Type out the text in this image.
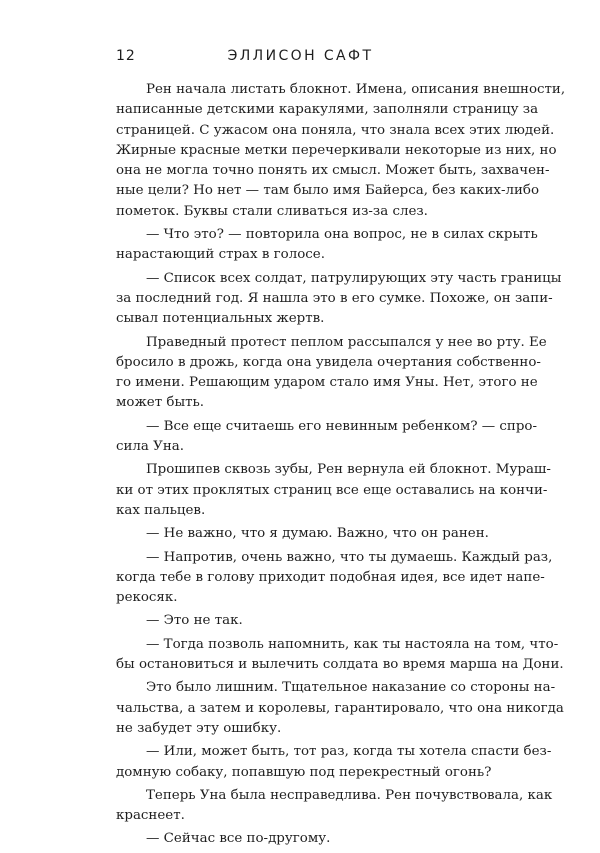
12	ЭЛЛИСОН САФТ
Рен начала листать блокнот. Имена, описания внешности,
написанные детскими каракулями, заполняли страницу за
страницей. С ужасом она поняла, что знала всех этих людей.
Жирные красные метки перечеркивали некоторые из них, но
она не могла точно понять их смысл. Может быть, захвачен-
ные цели? Но нет — там было имя Байерса, без каких-либо
пометок. Буквы стали сливаться из-за слез.
— Что это? — повторила она вопрос, не в силах скрыть
нарастающий страх в голосе.
— Список всех солдат, патрулирующих эту часть границы
за последний год. Я нашла это в его сумке. Похоже, он запи-
сывал потенциальных жертв.
Праведный протест пеплом рассыпался у нее во рту. Ее
бросило в дрожь, когда она увидела очертания собственно-
го имени. Решающим ударом стало имя Уны. Нет, этого не
может быть.
— Все еще считаешь его невинным ребенком? — спро-
сила Уна.
Прошипев сквозь зубы, Рен вернула ей блокнот. Мураш-
ки от этих проклятых страниц все еще оставались на кончи-
ках пальцев.
— Не важно, что я думаю. Важно, что он ранен.
— Напротив, очень важно, что ты думаешь. Каждый раз,
когда тебе в голову приходит подобная идея, все идет напе-
рекосяк.
— Это не так.
— Тогда позволь напомнить, как ты настояла на том, что-
бы остановиться и вылечить солдата во время марша на Дони.
Это было лишним. Тщательное наказание со стороны на-
чальства, а затем и королевы, гарантировало, что она никогда
не забудет эту ошибку.
— Или, может быть, тот раз, когда ты хотела спасти без-
домную собаку, попавшую под перекрестный огонь?
Теперь Уна была несправедлива. Рен почувствовала, как
краснеет.
— Сейчас все по-другому.
